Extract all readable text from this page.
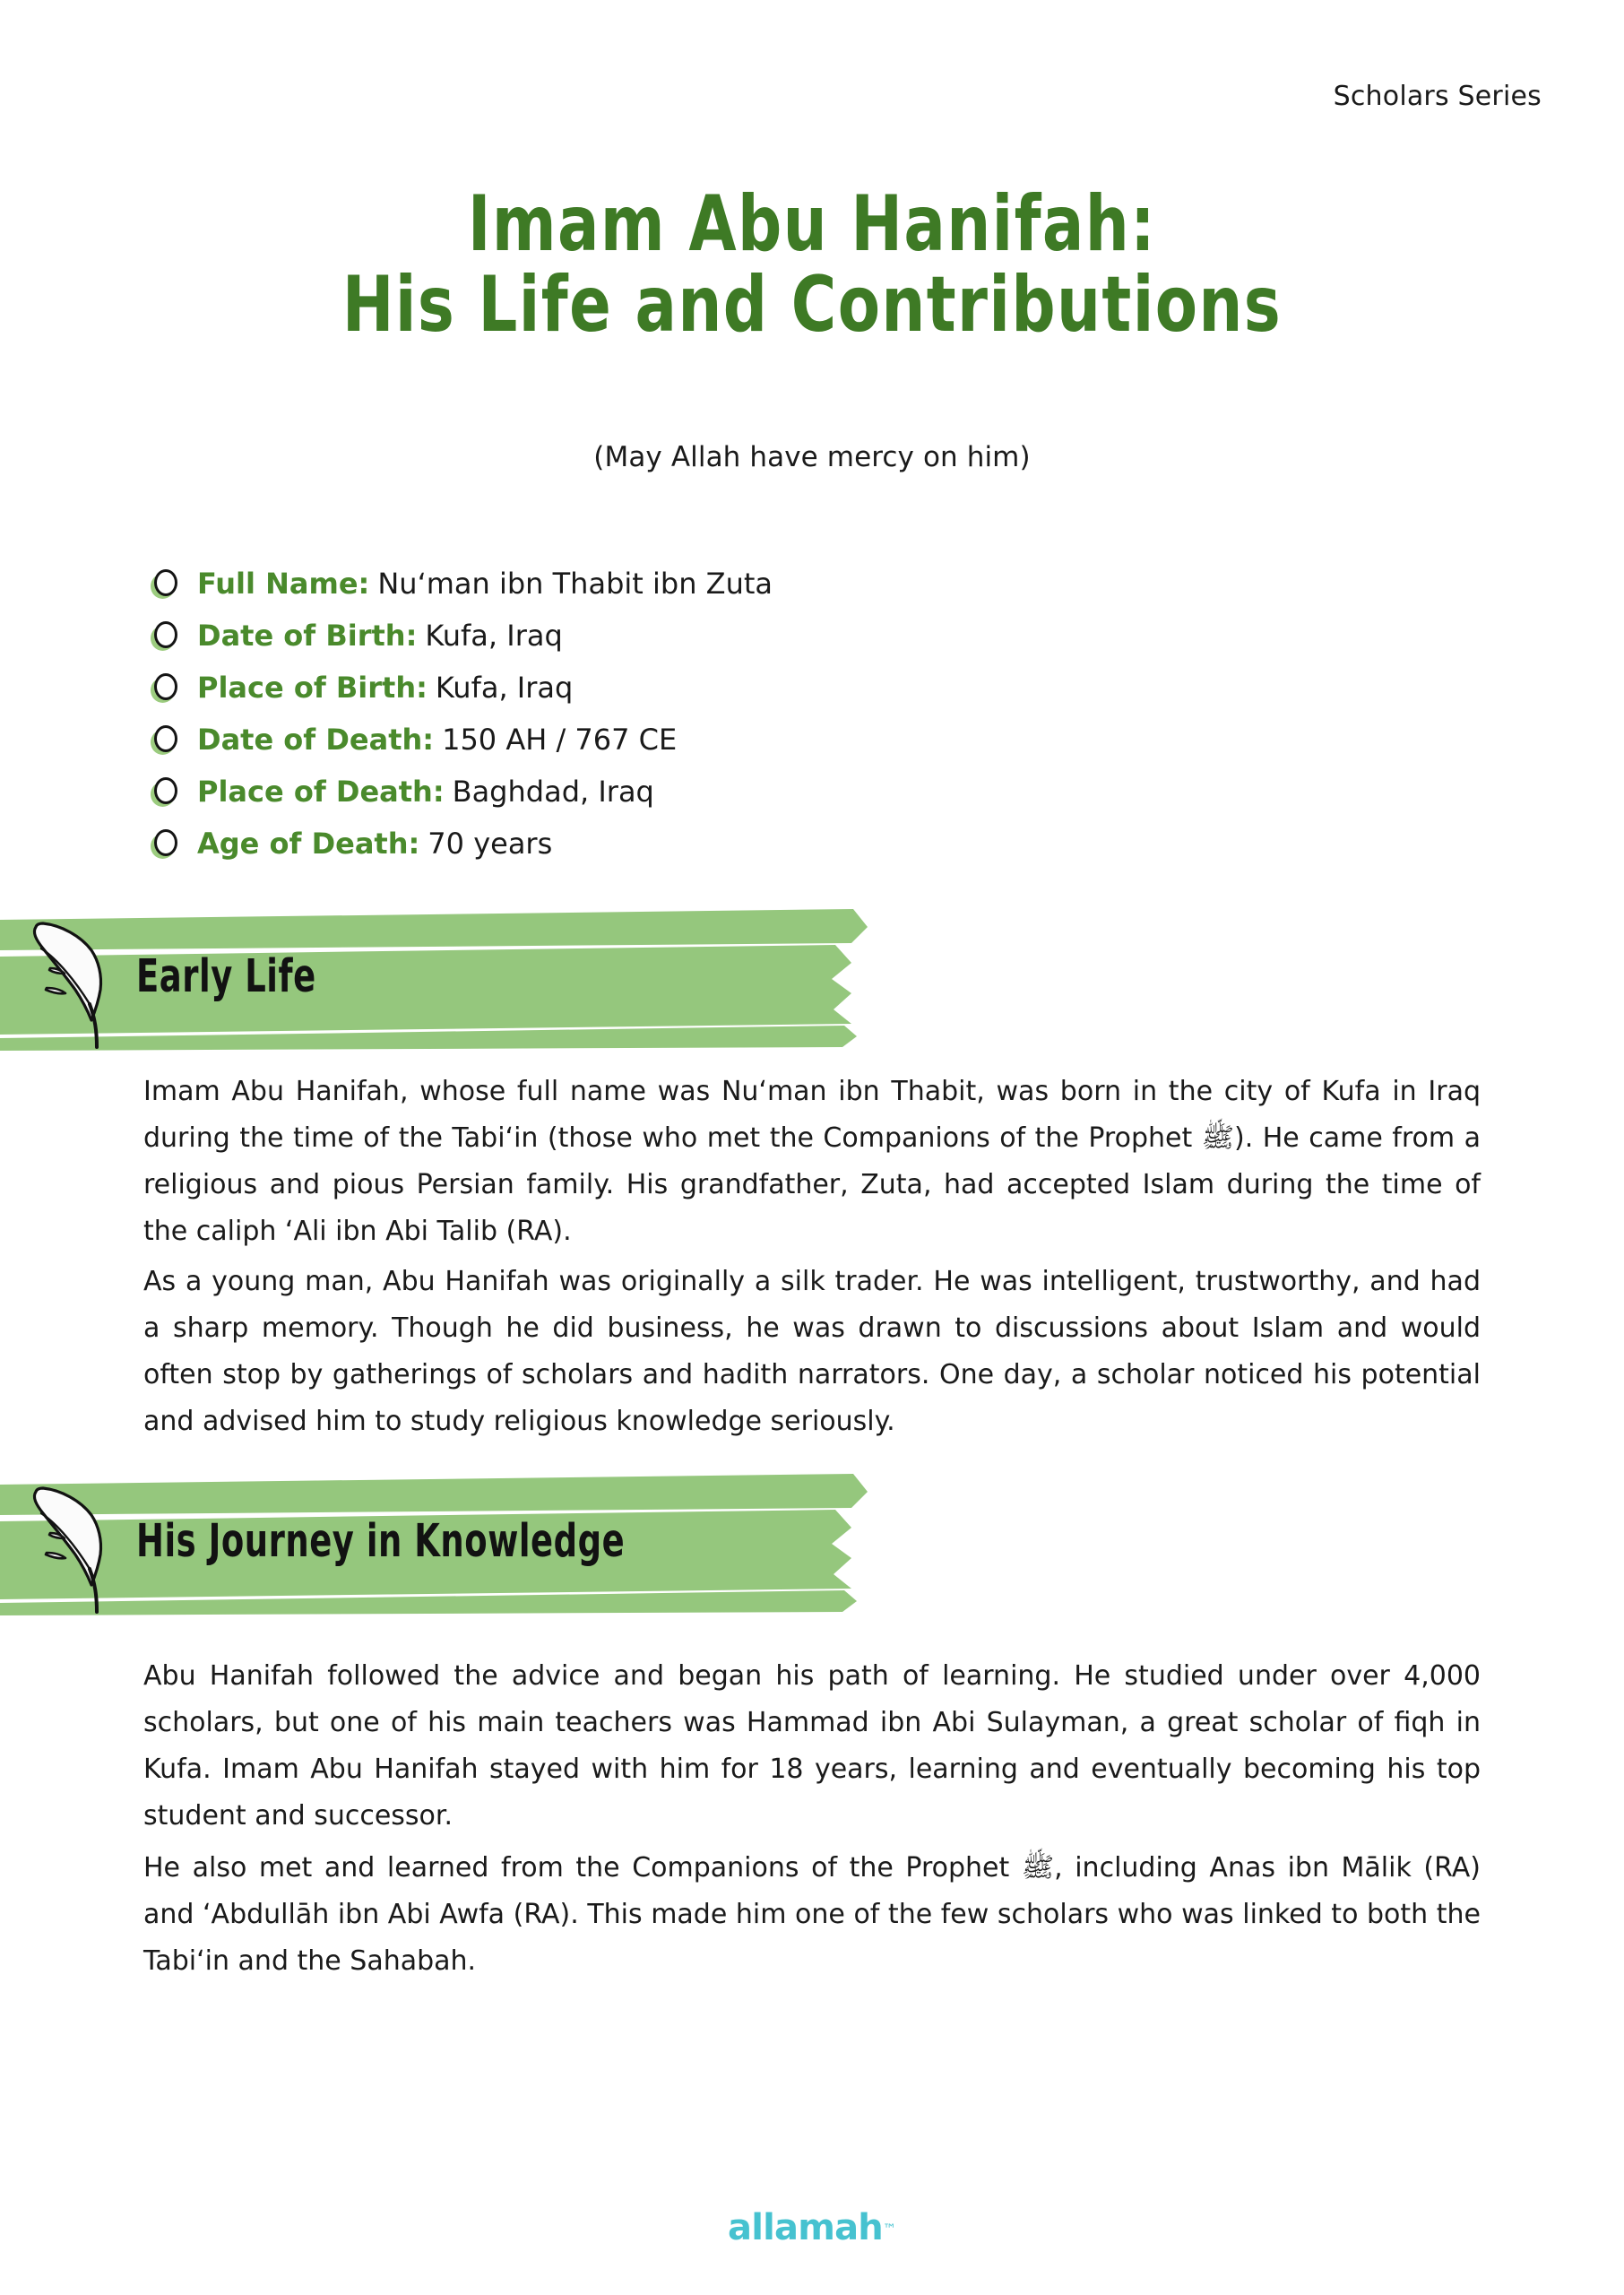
Scholars Series
Imam Abu Hanifah:
His Life and Contributions
(May Allah have mercy on him)
Full Name: Nuʻman ibn Thabit ibn Zuta
Date of Birth: Kufa, Iraq
Place of Birth: Kufa, Iraq
Date of Death: 150 AH / 767 CE
Place of Death: Baghdad, Iraq
Age of Death: 70 years
Early Life
Imam Abu Hanifah, whose full name was Nuʻman ibn Thabit, was born in the city of Kufa in Iraq during the time of the Tabiʻin (those who met the Companions of the Prophet ﷺ). He came from a religious and pious Persian family. His grandfather, Zuta, had accepted Islam during the time of the caliph ʻAli ibn Abi Talib (RA).
As a young man, Abu Hanifah was originally a silk trader. He was intelligent, trustworthy, and had a sharp memory. Though he did business, he was drawn to discussions about Islam and would often stop by gatherings of scholars and hadith narrators. One day, a scholar noticed his potential and advised him to study religious knowledge seriously.
His Journey in Knowledge
Abu Hanifah followed the advice and began his path of learning. He studied under over 4,000 scholars, but one of his main teachers was Hammad ibn Abi Sulayman, a great scholar of fiqh in Kufa. Imam Abu Hanifah stayed with him for 18 years, learning and eventually becoming his top student and successor.
He also met and learned from the Companions of the Prophet ﷺ, including Anas ibn Mālik (RA) and ʻAbdullāh ibn Abi Awfa (RA). This made him one of the few scholars who was linked to both the Tabiʻin and the Sahabah.
allamah™
